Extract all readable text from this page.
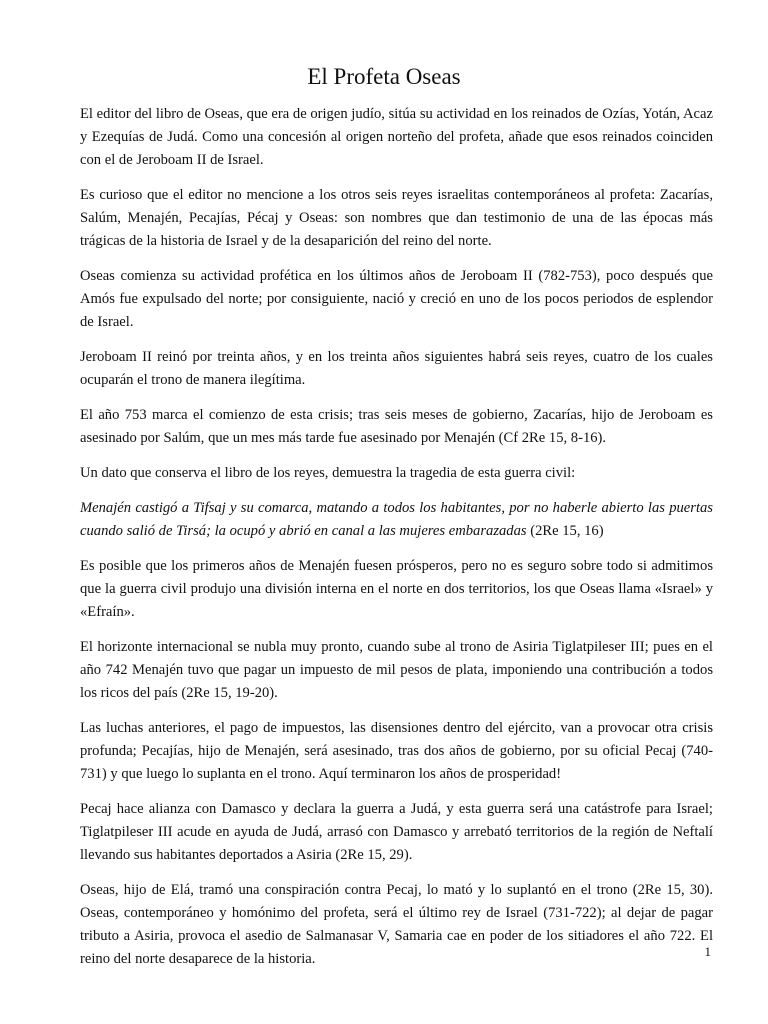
El Profeta Oseas

El editor del libro de Oseas, que era de origen judío, sitúa su actividad en los reinados de Ozías, Yotán, Acaz y Ezequías de Judá. Como una concesión al origen norteño del profeta, añade que esos reinados coinciden con el de Jeroboam II de Israel.

Es curioso que el editor no mencione a los otros seis reyes israelitas contemporáneos al profeta: Zacarías, Salúm, Menajén, Pecajías, Pécaj y Oseas: son nombres que dan testimonio de una de las épocas más trágicas de la historia de Israel y de la desaparición del reino del norte.

Oseas comienza su actividad profética en los últimos años de Jeroboam II (782-753), poco después que Amós fue expulsado del norte; por consiguiente, nació y creció en uno de los pocos periodos de esplendor de Israel.

Jeroboam II reinó por treinta años, y en los treinta años siguientes habrá seis reyes, cuatro de los cuales ocuparán el trono de manera ilegítima.

El año 753 marca el comienzo de esta crisis; tras seis meses de gobierno, Zacarías, hijo de Jeroboam es asesinado por Salúm, que un mes más tarde fue asesinado por Menajén (Cf 2Re 15, 8-16).

Un dato que conserva el libro de los reyes, demuestra la tragedia de esta guerra civil:

Menajén castigó a Tifsaj y su comarca, matando a todos los habitantes, por no haberle abierto las puertas cuando salió de Tirsá; la ocupó y abrió en canal a las mujeres embarazadas (2Re 15, 16)

Es posible que los primeros años de Menajén fuesen prósperos, pero no es seguro sobre todo si admitimos que la guerra civil produjo una división interna en el norte en dos territorios, los que Oseas llama «Israel» y «Efraín».

El horizonte internacional se nubla muy pronto, cuando sube al trono de Asiria Tiglatpileser III; pues en el año 742 Menajén tuvo que pagar un impuesto de mil pesos de plata, imponiendo una contribución a todos los ricos del país (2Re 15, 19-20).

Las luchas anteriores, el pago de impuestos, las disensiones dentro del ejército, van a provocar otra crisis profunda; Pecajías, hijo de Menajén, será asesinado, tras dos años de gobierno, por su oficial Pecaj (740-731) y que luego lo suplanta en el trono. Aquí terminaron los años de prosperidad!

Pecaj hace alianza con Damasco y declara la guerra a Judá, y esta guerra será una catástrofe para Israel; Tiglatpileser III acude en ayuda de Judá, arrasó con Damasco y arrebató territorios de la región de Neftalí llevando sus habitantes deportados a Asiria (2Re 15, 29).

Oseas, hijo de Elá, tramó una conspiración contra Pecaj, lo mató y lo suplantó en el trono (2Re 15, 30). Oseas, contemporáneo y homónimo del profeta, será el último rey de Israel (731-722); al dejar de pagar tributo a Asiria, provoca el asedio de Salmanasar V, Samaria cae en poder de los sitiadores el año 722. El reino del norte desaparece de la historia.	1
